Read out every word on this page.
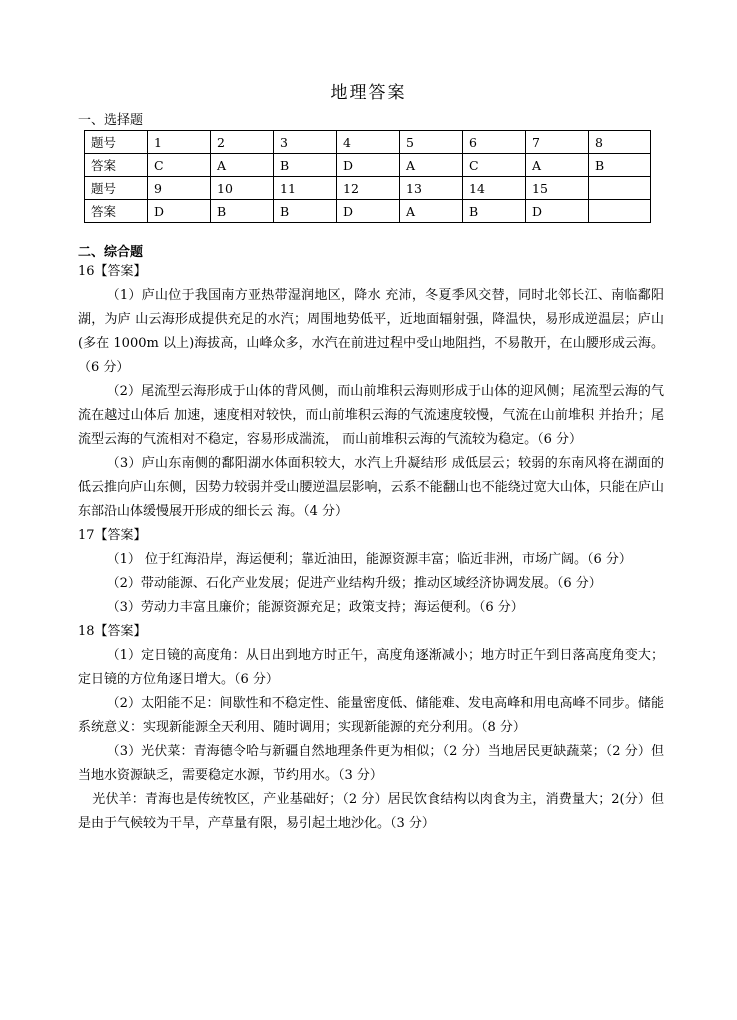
地理答案
一、选择题
题号	1	2	3	4	5	6	7	8
答案	C	A	B	D	A	C	A	B
题号	9	10	11	12	13	14	15	
答案	D	B	B	D	A	B	D	
二、综合题

16【答案】

（1）庐山位于我国南方亚热带湿润地区，降水 充沛，冬夏季风交替，同时北邻长江、南临鄱阳湖，为庐 山云海形成提供充足的水汽；周围地势低平，近地面辐射强，降温快，易形成逆温层；庐山(多在 1000m 以上)海拔高，山峰众多，水汽在前进过程中受山地阻挡，不易散开，在山腰形成云海。（6 分）

（2）尾流型云海形成于山体的背风侧，而山前堆积云海则形成于山体的迎风侧；尾流型云海的气流在越过山体后 加速，速度相对较快，而山前堆积云海的气流速度较慢，气流在山前堆积 并抬升；尾流型云海的气流相对不稳定，容易形成湍流， 而山前堆积云海的气流较为稳定。（6 分）

（3）庐山东南侧的鄱阳湖水体面积较大，水汽上升凝结形 成低层云；较弱的东南风将在湖面的低云推向庐山东侧，因势力较弱并受山腰逆温层影响，云系不能翻山也不能绕过宽大山体，只能在庐山东部沿山体缓慢展开形成的细长云 海。（4 分）

17【答案】

（1） 位于红海沿岸，海运便利；靠近油田，能源资源丰富；临近非洲，市场广阔。（6 分）

（2）带动能源、石化产业发展；促进产业结构升级；推动区域经济协调发展。（6 分）

（3）劳动力丰富且廉价；能源资源充足；政策支持；海运便利。（6 分）

18【答案】

（1）定日镜的高度角：从日出到地方时正午，高度角逐渐减小；地方时正午到日落高度角变大；定日镜的方位角逐日增大。（6 分）

（2）太阳能不足：间歇性和不稳定性、能量密度低、储能难、发电高峰和用电高峰不同步。储能系统意义：实现新能源全天利用、随时调用；实现新能源的充分利用。（8 分）

（3）光伏菜：青海德令哈与新疆自然地理条件更为相似；（2 分）当地居民更缺蔬菜；（2 分）但当地水资源缺乏，需要稳定水源，节约用水。（3 分）

光伏羊：青海也是传统牧区，产业基础好；（2 分）居民饮食结构以肉食为主，消费量大；2(分）但是由于气候较为干旱，产草量有限，易引起土地沙化。（3 分）
